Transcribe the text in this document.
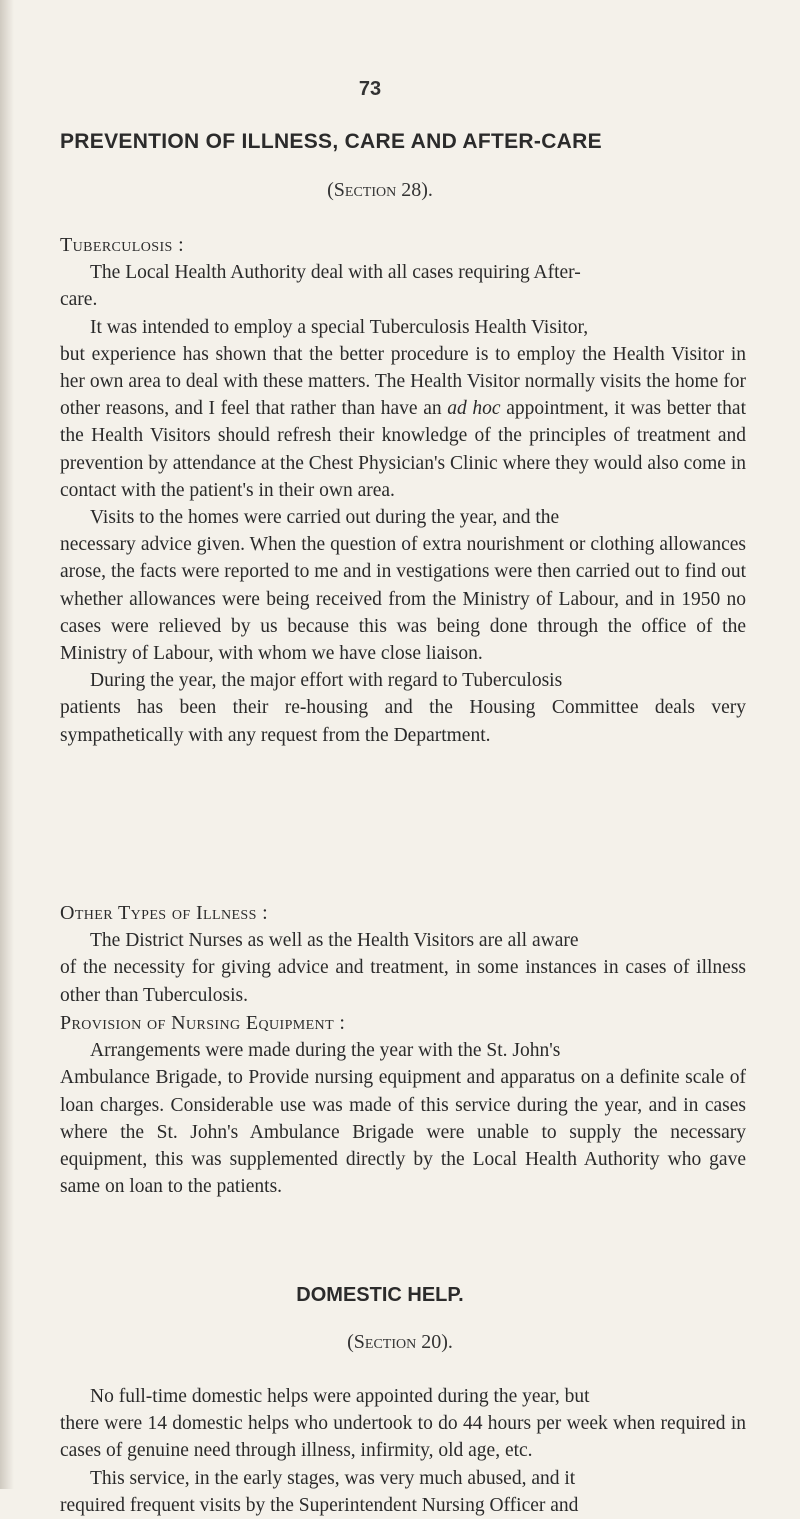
73
PREVENTION OF ILLNESS, CARE AND AFTER-CARE

(Section 28).

Tuberculosis :

The Local Health Authority deal with all cases requiring After-
care.

It was intended to employ a special Tuberculosis Health Visitor,
but experience has shown that the better procedure is to employ the Health Visitor in her own area to deal with these matters. The Health Visitor normally visits the home for other reasons, and I feel that rather than have an ad hoc appointment, it was better that the Health Visitors should refresh their knowledge of the principles of treatment and prevention by attendance at the Chest Physician's Clinic where they would also come in contact with the patient's in their own area.

Visits to the homes were carried out during the year, and the
necessary advice given. When the question of extra nourishment or clothing allowances arose, the facts were reported to me and in vestigations were then carried out to find out whether allowances were being received from the Ministry of Labour, and in 1950 no cases were relieved by us because this was being done through the office of the Ministry of Labour, with whom we have close liaison.

During the year, the major effort with regard to Tuberculosis
patients has been their re-housing and the Housing Committee deals very sympathetically with any request from the Department.

Other Types of Illness :

The District Nurses as well as the Health Visitors are all aware
of the necessity for giving advice and treatment, in some instances in cases of illness other than Tuberculosis.

Provision of Nursing Equipment :

Arrangements were made during the year with the St. John's
Ambulance Brigade, to Provide nursing equipment and apparatus on a definite scale of loan charges. Considerable use was made of this service during the year, and in cases where the St. John's Ambulance Brigade were unable to supply the necessary equipment, this was supplemented directly by the Local Health Authority who gave same on loan to the patients.

DOMESTIC HELP.

(Section 20).

No full-time domestic helps were appointed during the year, but
there were 14 domestic helps who undertook to do 44 hours per week when required in cases of genuine need through illness, infirmity, old age, etc.

This service, in the early stages, was very much abused, and it
required frequent visits by the Superintendent Nursing Officer and
